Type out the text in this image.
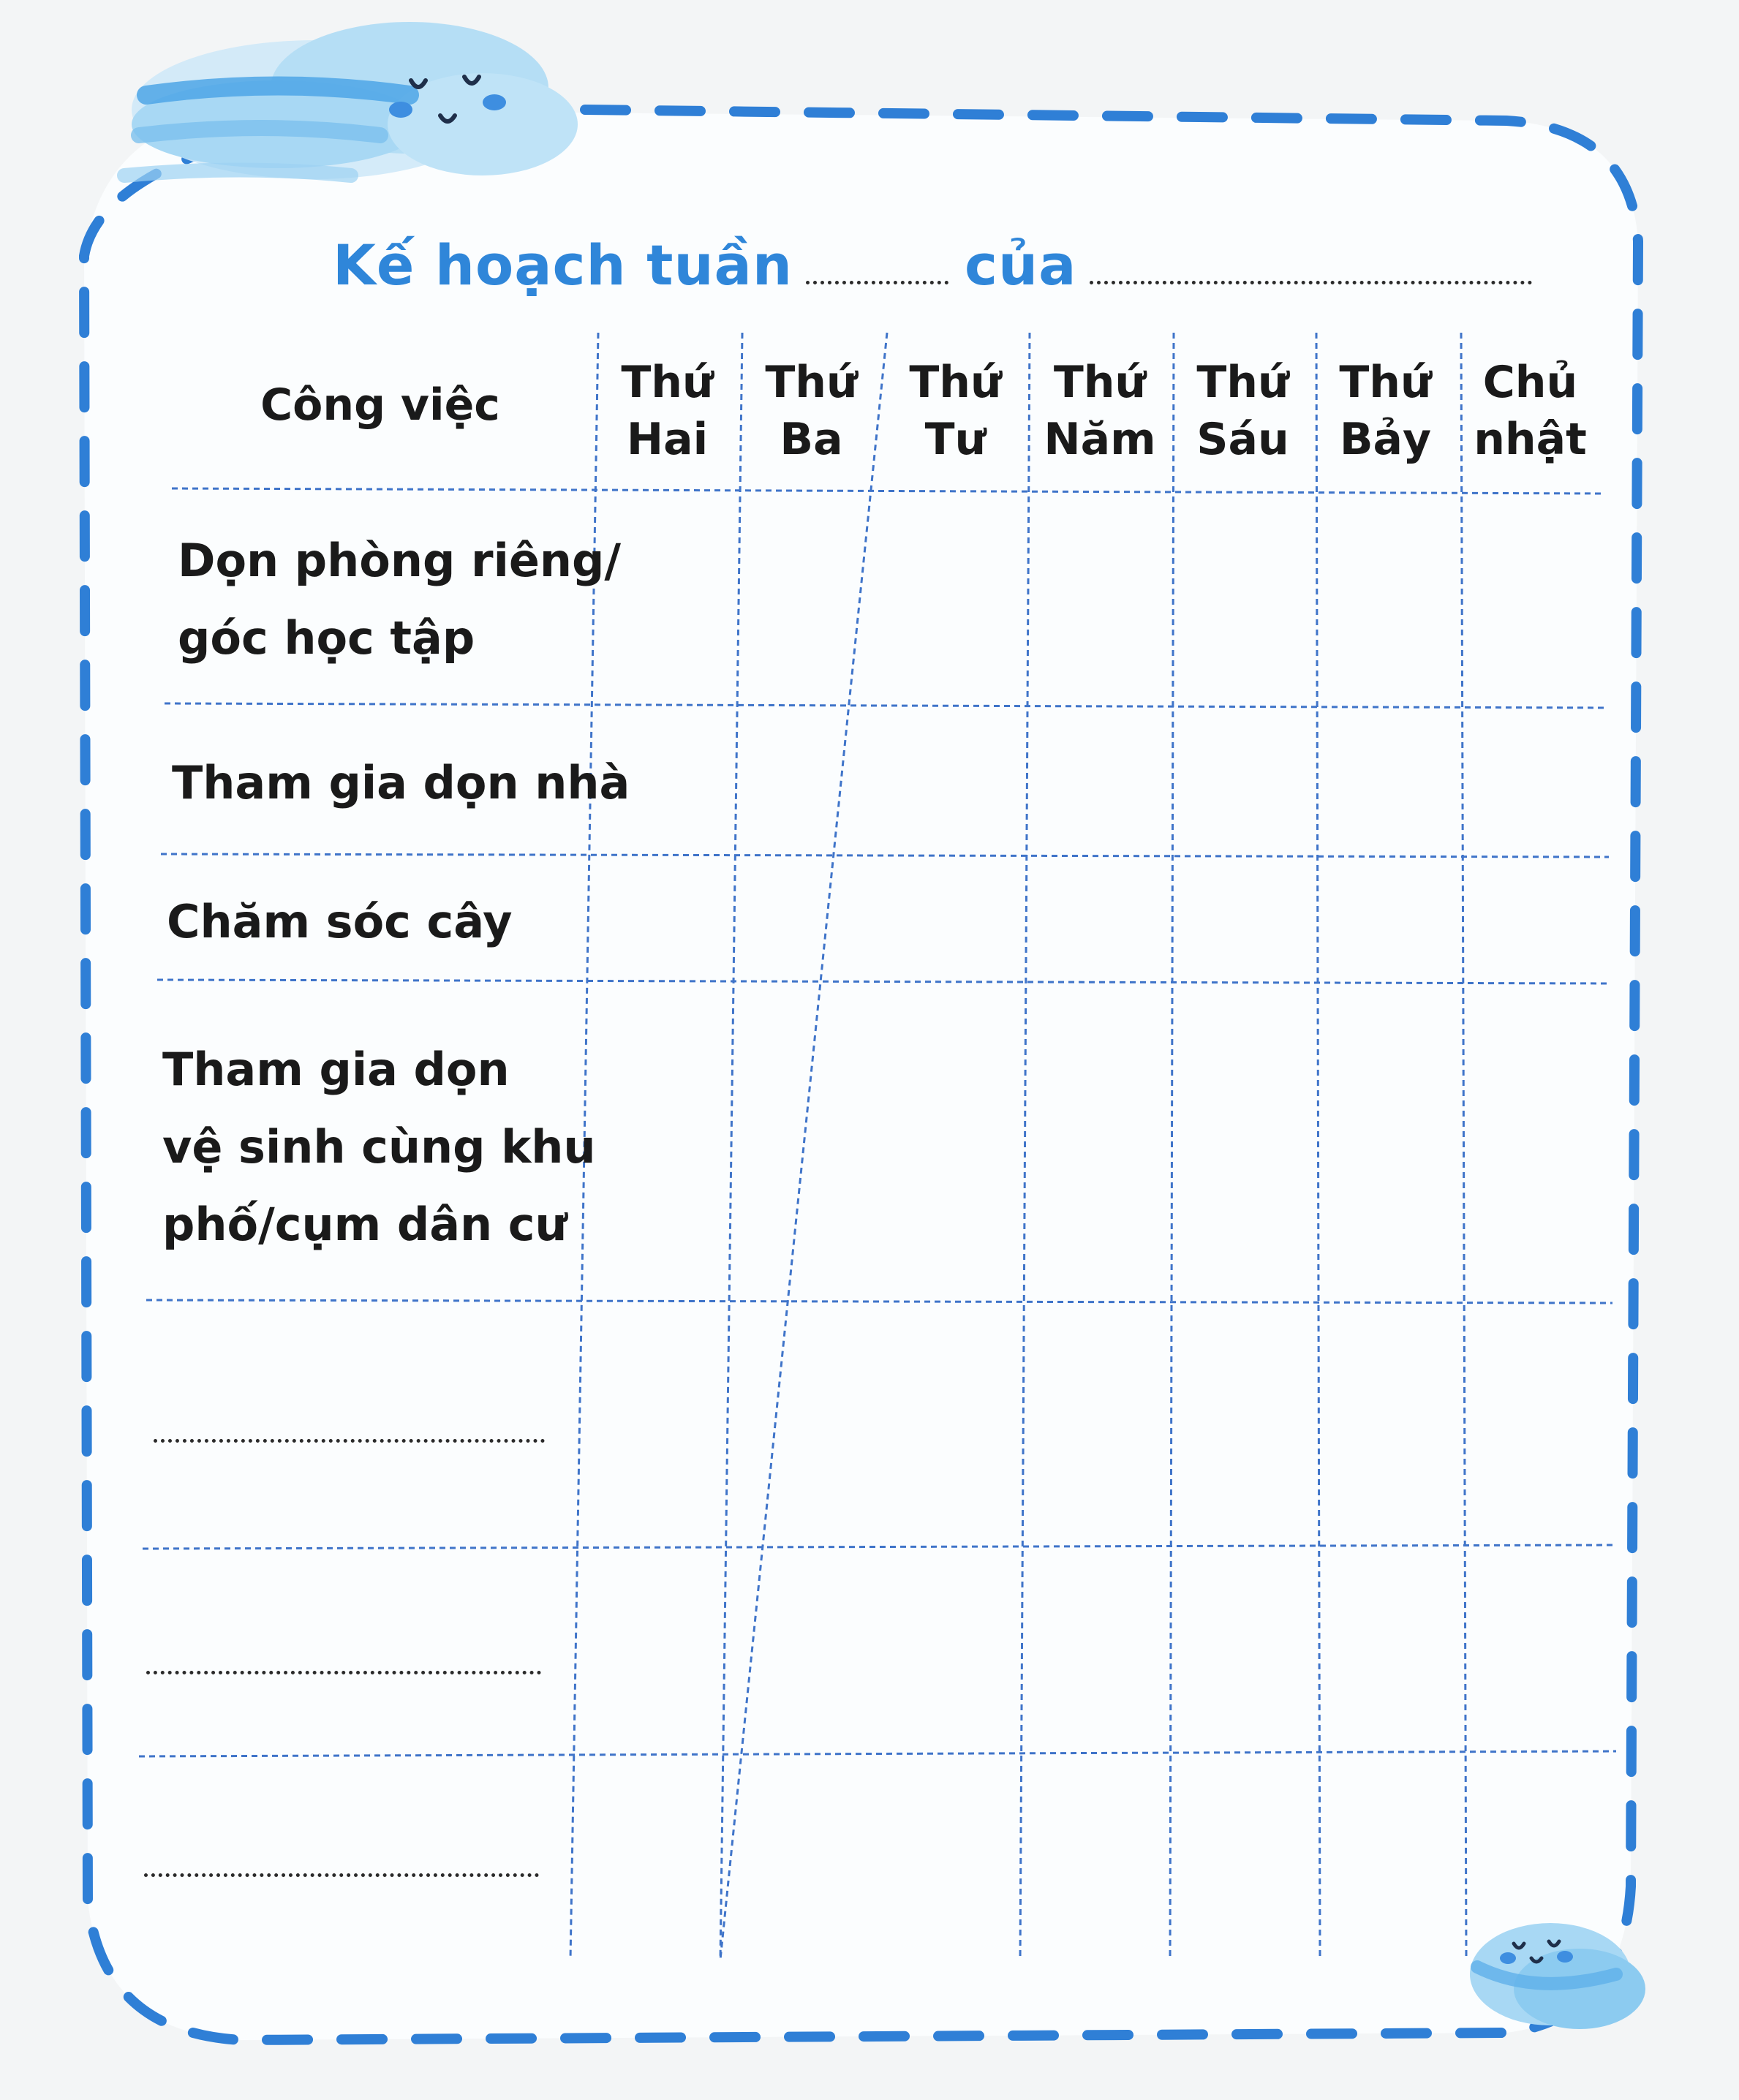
Kế hoạch tuần	của
Công việc	Thứ
Hai
Thứ
Ba
Thứ
Tư
Thứ
Năm
Thứ
Sáu
Thứ
Bảy
Chủ
nhật
Dọn phòng riêng/
góc học tập
Tham gia dọn nhà
Chăm sóc cây
Tham gia dọn
vệ sinh cùng khu
phố/cụm dân cư
